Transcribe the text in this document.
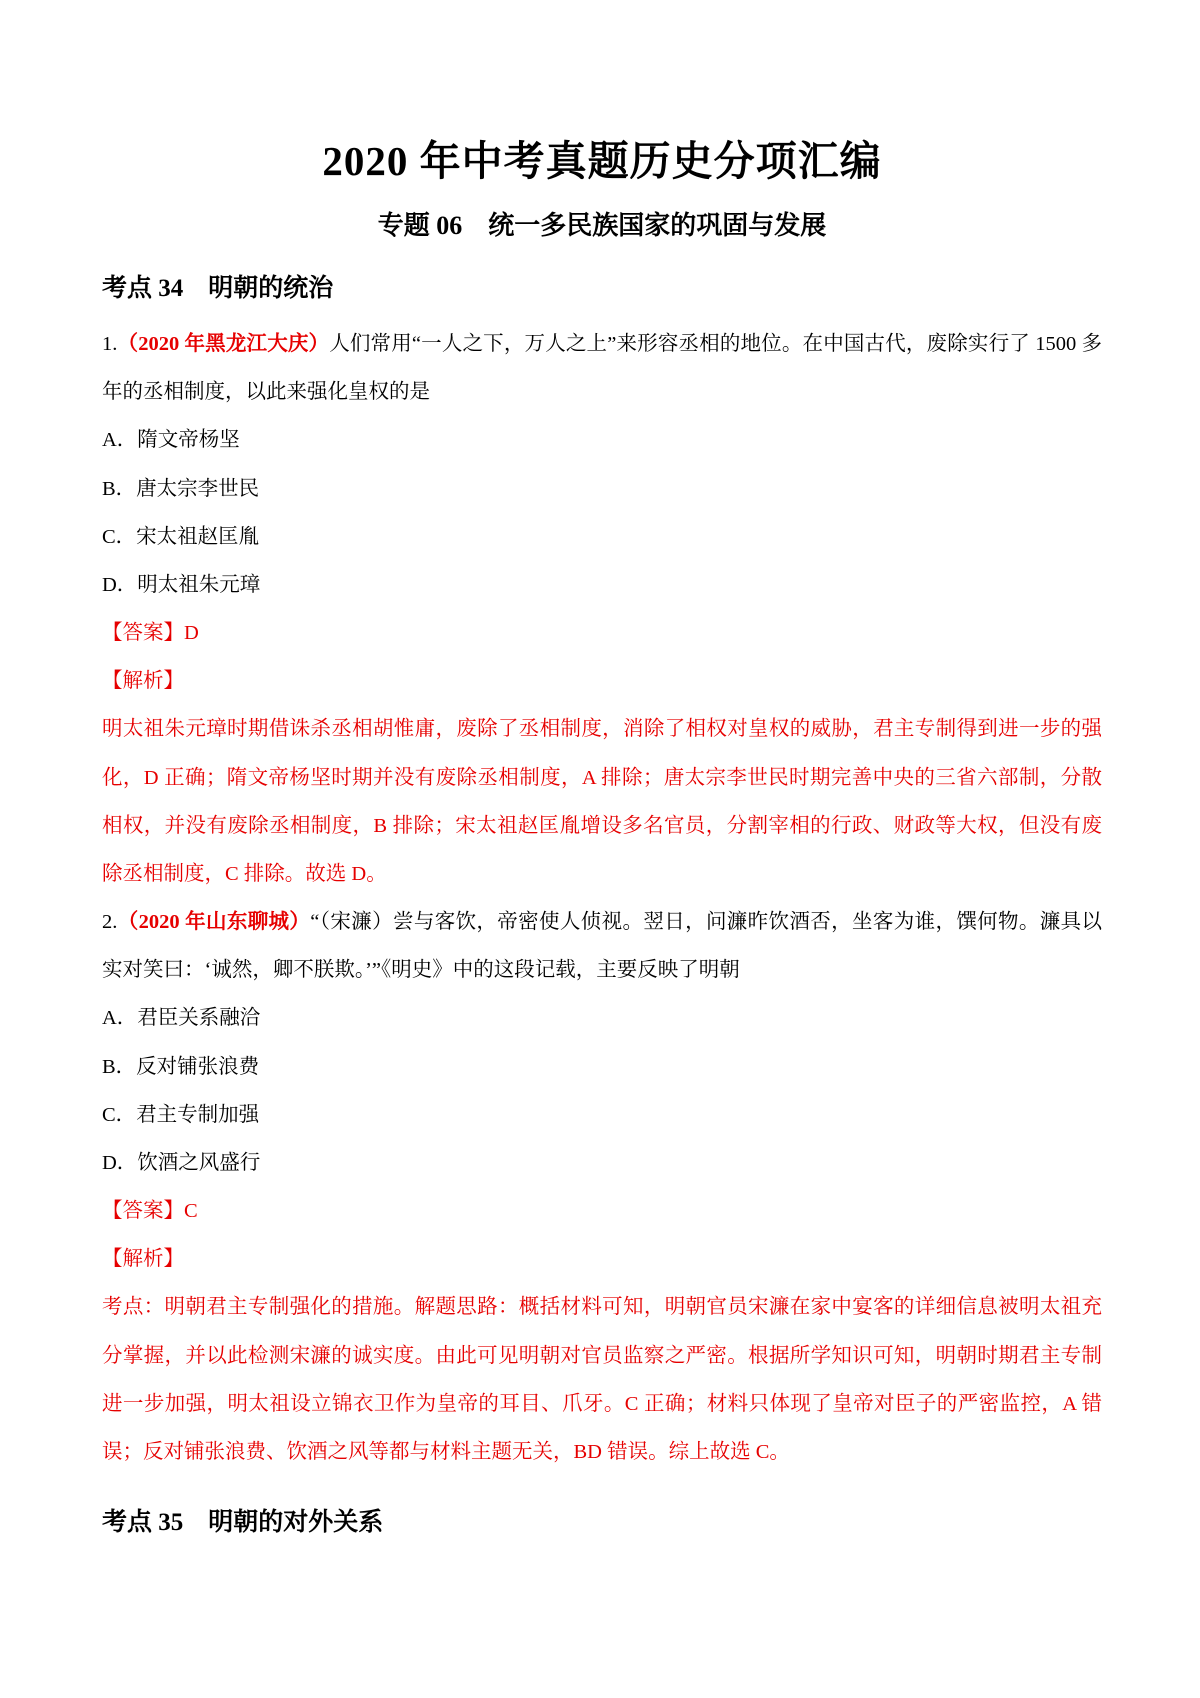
2020 年中考真题历史分项汇编
专题 06　统一多民族国家的巩固与发展
考点 34　明朝的统治

1.（2020 年黑龙江大庆）人们常用“一人之下，万人之上”来形容丞相的地位。在中国古代，废除实行了 1500 多年的丞相制度，以此来强化皇权的是

A．隋文帝杨坚

B．唐太宗李世民

C．宋太祖赵匡胤

D．明太祖朱元璋

【答案】D

【解析】

明太祖朱元璋时期借诛杀丞相胡惟庸，废除了丞相制度，消除了相权对皇权的威胁，君主专制得到进一步的强化，D 正确；隋文帝杨坚时期并没有废除丞相制度，A 排除；唐太宗李世民时期完善中央的三省六部制，分散相权，并没有废除丞相制度，B 排除；宋太祖赵匡胤增设多名官员，分割宰相的行政、财政等大权，但没有废除丞相制度，C 排除。故选 D。

2.（2020 年山东聊城）“（宋濂）尝与客饮，帝密使人侦视。翌日，问濂昨饮酒否，坐客为谁，馔何物。濂具以实对笑曰：‘诚然，卿不朕欺。’”《明史》中的这段记载，主要反映了明朝

A．君臣关系融洽

B．反对铺张浪费

C．君主专制加强

D．饮酒之风盛行

【答案】C

【解析】

考点：明朝君主专制强化的措施。解题思路：概括材料可知，明朝官员宋濂在家中宴客的详细信息被明太祖充分掌握，并以此检测宋濂的诚实度。由此可见明朝对官员监察之严密。根据所学知识可知，明朝时期君主专制进一步加强，明太祖设立锦衣卫作为皇帝的耳目、爪牙。C 正确；材料只体现了皇帝对臣子的严密监控，A 错误；反对铺张浪费、饮酒之风等都与材料主题无关，BD 错误。综上故选 C。

考点 35　明朝的对外关系
